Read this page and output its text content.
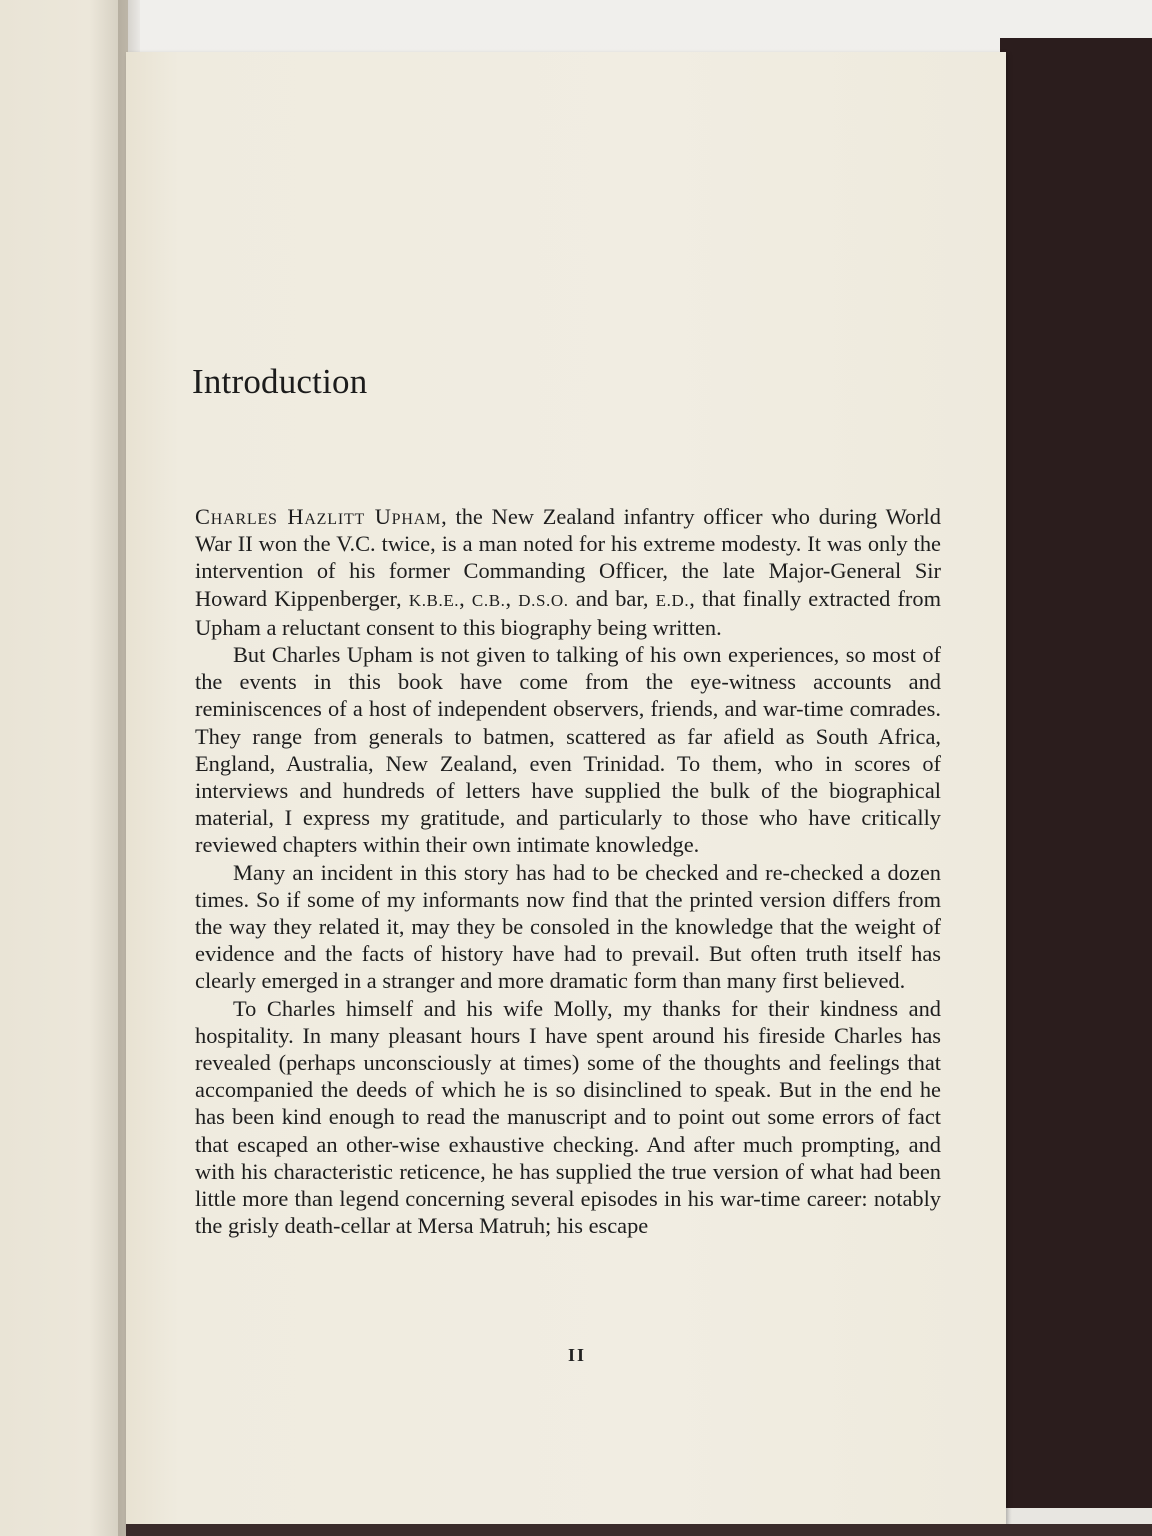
Introduction

Charles Hazlitt Upham, the New Zealand infantry officer who during World War II won the V.C. twice, is a man noted for his extreme modesty. It was only the intervention of his former Commanding Officer, the late Major-General Sir Howard Kippenberger, K.B.E., C.B., D.S.O. and bar, E.D., that finally extracted from Upham a reluctant consent to this biography being written.

But Charles Upham is not given to talking of his own experiences, so most of the events in this book have come from the eye-witness accounts and reminiscences of a host of independent observers, friends, and war-time comrades. They range from generals to batmen, scattered as far afield as South Africa, England, Australia, New Zealand, even Trinidad. To them, who in scores of interviews and hundreds of letters have supplied the bulk of the biographical material, I express my gratitude, and particularly to those who have critically reviewed chapters within their own intimate knowledge.

Many an incident in this story has had to be checked and re-checked a dozen times. So if some of my informants now find that the printed version differs from the way they related it, may they be consoled in the knowledge that the weight of evidence and the facts of history have had to prevail. But often truth itself has clearly emerged in a stranger and more dramatic form than many first believed.

To Charles himself and his wife Molly, my thanks for their kindness and hospitality. In many pleasant hours I have spent around his fireside Charles has revealed (perhaps unconsciously at times) some of the thoughts and feelings that accompanied the deeds of which he is so disinclined to speak. But in the end he has been kind enough to read the manuscript and to point out some errors of fact that escaped an other-wise exhaustive checking. And after much prompting, and with his characteristic reticence, he has supplied the true version of what had been little more than legend concerning several episodes in his war-time career: notably the grisly death-cellar at Mersa Matruh; his escape

II
